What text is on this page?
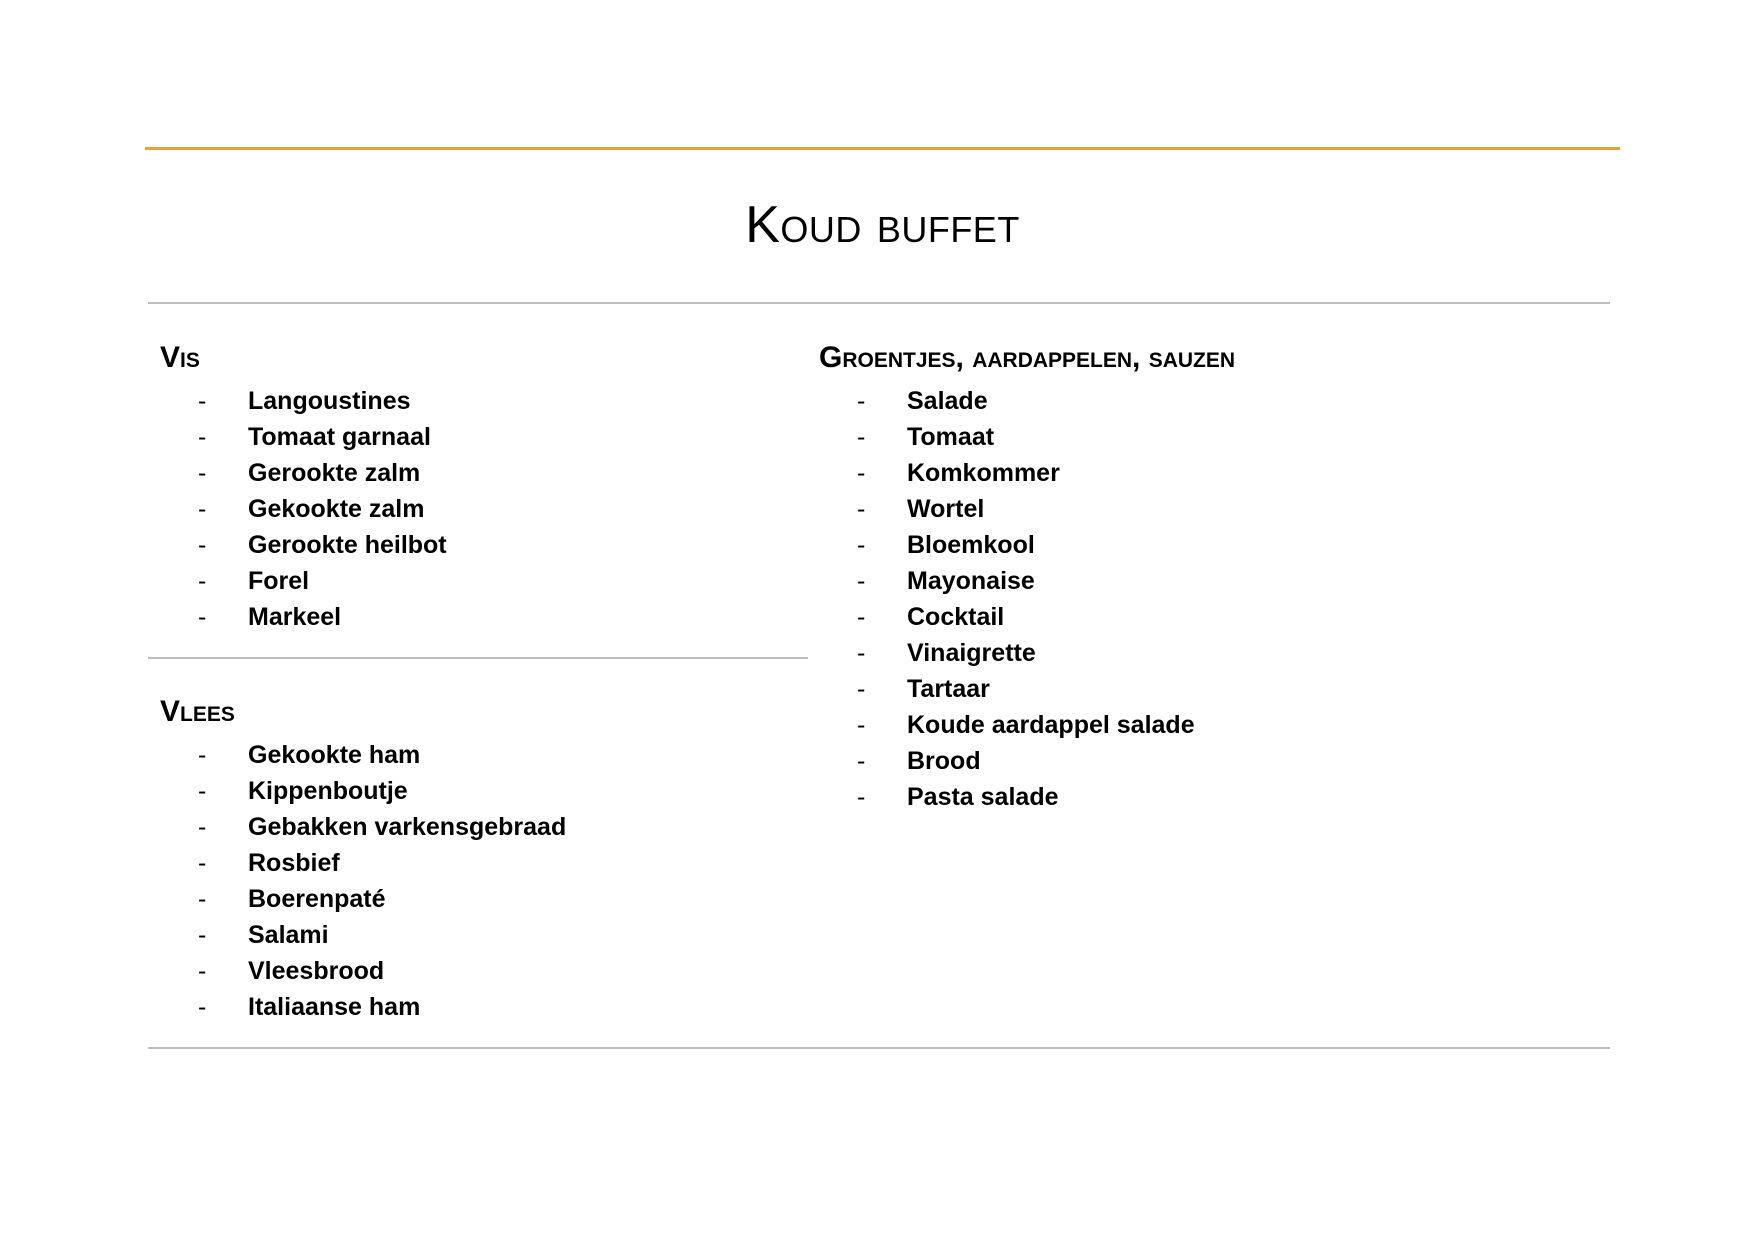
Koud buffet
Vis
- Langoustines
- Tomaat garnaal
- Gerookte zalm
- Gekookte zalm
- Gerookte heilbot
- Forel
- Markeel
Vlees
- Gekookte ham
- Kippenboutje
- Gebakken varkensgebraad
- Rosbief
- Boerenpaté
- Salami
- Vleesbrood
- Italiaanse ham
Groentjes, aardappelen, sauzen
- Salade
- Tomaat
- Komkommer
- Wortel
- Bloemkool
- Mayonaise
- Cocktail
- Vinaigrette
- Tartaar
- Koude aardappel salade
- Brood
- Pasta salade
